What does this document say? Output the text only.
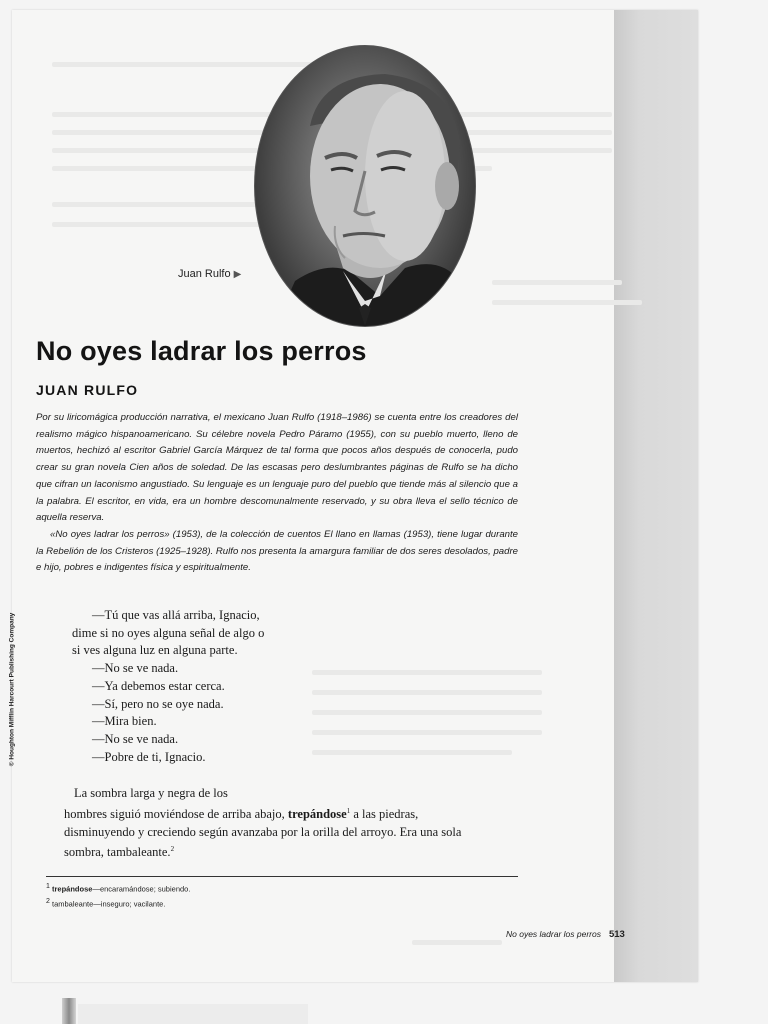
Juan Rulfo ▶
No oyes ladrar los perros
JUAN RULFO

Por su liricomágica producción narrativa, el mexicano Juan Rulfo (1918–1986) se cuenta entre los creadores del realismo mágico hispanoamericano. Su célebre novela Pedro Páramo (1955), con su pueblo muerto, lleno de muertos, hechizó al escritor Gabriel García Márquez de tal forma que pocos años después de conocerla, pudo crear su gran novela Cien años de soledad. De las escasas pero deslumbrantes páginas de Rulfo se ha dicho que cifran un laconismo angustiado. Su lenguaje es un lenguaje puro del pueblo que tiende más al silencio que a la palabra. El escritor, en vida, era un hombre descomunalmente reservado, y su obra lleva el sello técnico de aquella reserva.

«No oyes ladrar los perros» (1953), de la colección de cuentos El llano en llamas (1953), tiene lugar durante la Rebelión de los Cristeros (1925–1928). Rulfo nos presenta la amargura familiar de dos seres desolados, padre e hijo, pobres e indigentes física y espiritualmente.

—Tú que vas allá arriba, Ignacio,
dime si no oyes alguna señal de algo o
si ves alguna luz en alguna parte.
—No se ve nada.
—Ya debemos estar cerca.
—Sí, pero no se oye nada.
—Mira bien.
—No se ve nada.
—Pobre de ti, Ignacio.
La sombra larga y negra de los
hombres siguió moviéndose de arriba abajo, trepándose$^1$ a las piedras,
disminuyendo y creciendo según avanzaba por la orilla del arroyo. Era una sola
sombra, tambaleante.$^2$
$^1$ trepándose—encaramándose; subiendo.
$^2$ tambaleante—inseguro; vacilante.
No oyes ladrar los perros 513
© Houghton Mifflin Harcourt Publishing Company
